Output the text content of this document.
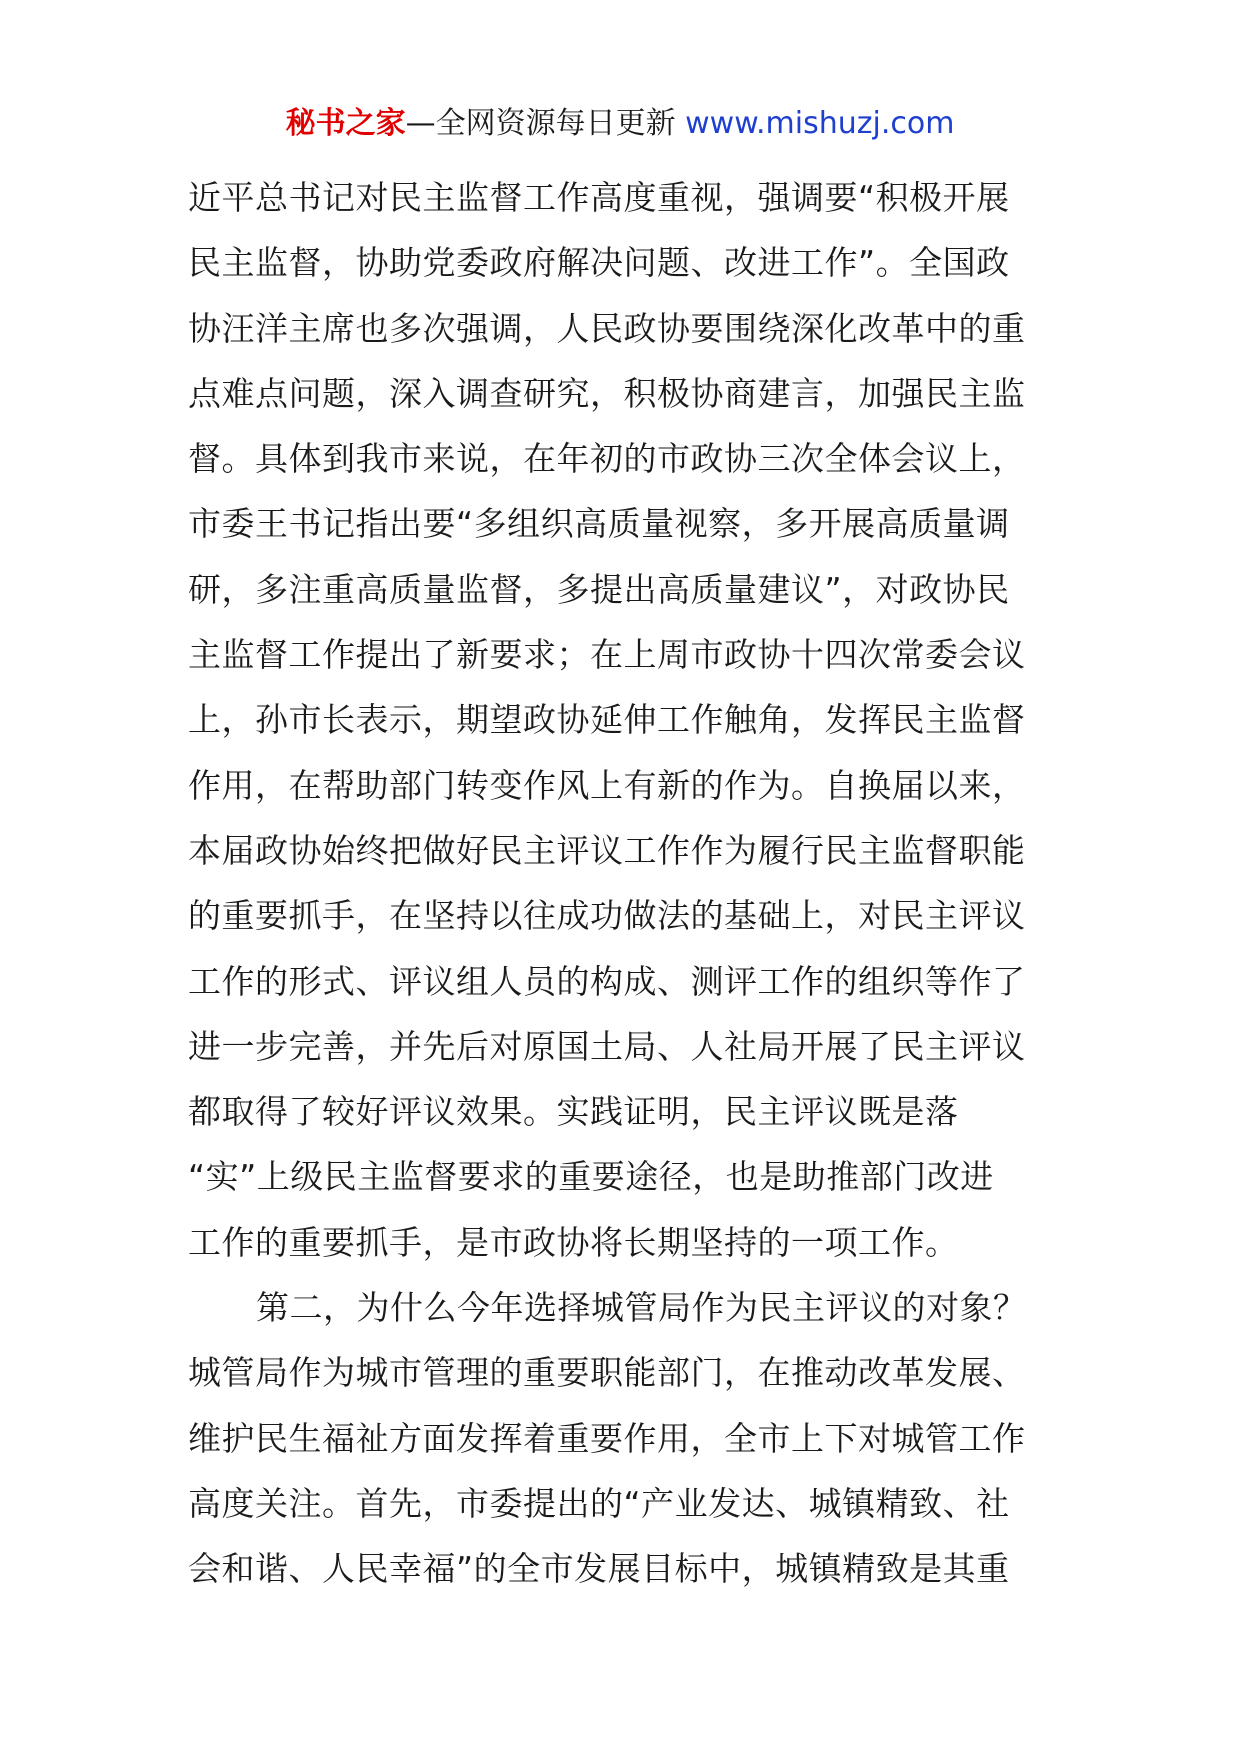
秘书之家—全网资源每日更新 www.mishuzj.com
近平总书记对民主监督工作高度重视，强调要“积极开展
民主监督，协助党委政府解决问题、改进工作”。全国政
协汪洋主席也多次强调，人民政协要围绕深化改革中的重
点难点问题，深入调查研究，积极协商建言，加强民主监
督。具体到我市来说，在年初的市政协三次全体会议上，
市委王书记指出要“多组织高质量视察，多开展高质量调
研，多注重高质量监督，多提出高质量建议”，对政协民
主监督工作提出了新要求；在上周市政协十四次常委会议
上，孙市长表示，期望政协延伸工作触角，发挥民主监督
作用，在帮助部门转变作风上有新的作为。自换届以来，
本届政协始终把做好民主评议工作作为履行民主监督职能
的重要抓手，在坚持以往成功做法的基础上，对民主评议
工作的形式、评议组人员的构成、测评工作的组织等作了
进一步完善，并先后对原国土局、人社局开展了民主评议
都取得了较好评议效果。实践证明，民主评议既是落
“实”上级民主监督要求的重要途径，也是助推部门改进
工作的重要抓手，是市政协将长期坚持的一项工作。
第二，为什么今年选择城管局作为民主评议的对象？
城管局作为城市管理的重要职能部门，在推动改革发展、
维护民生福祉方面发挥着重要作用，全市上下对城管工作
高度关注。首先，市委提出的“产业发达、城镇精致、社
会和谐、人民幸福”的全市发展目标中，城镇精致是其重
